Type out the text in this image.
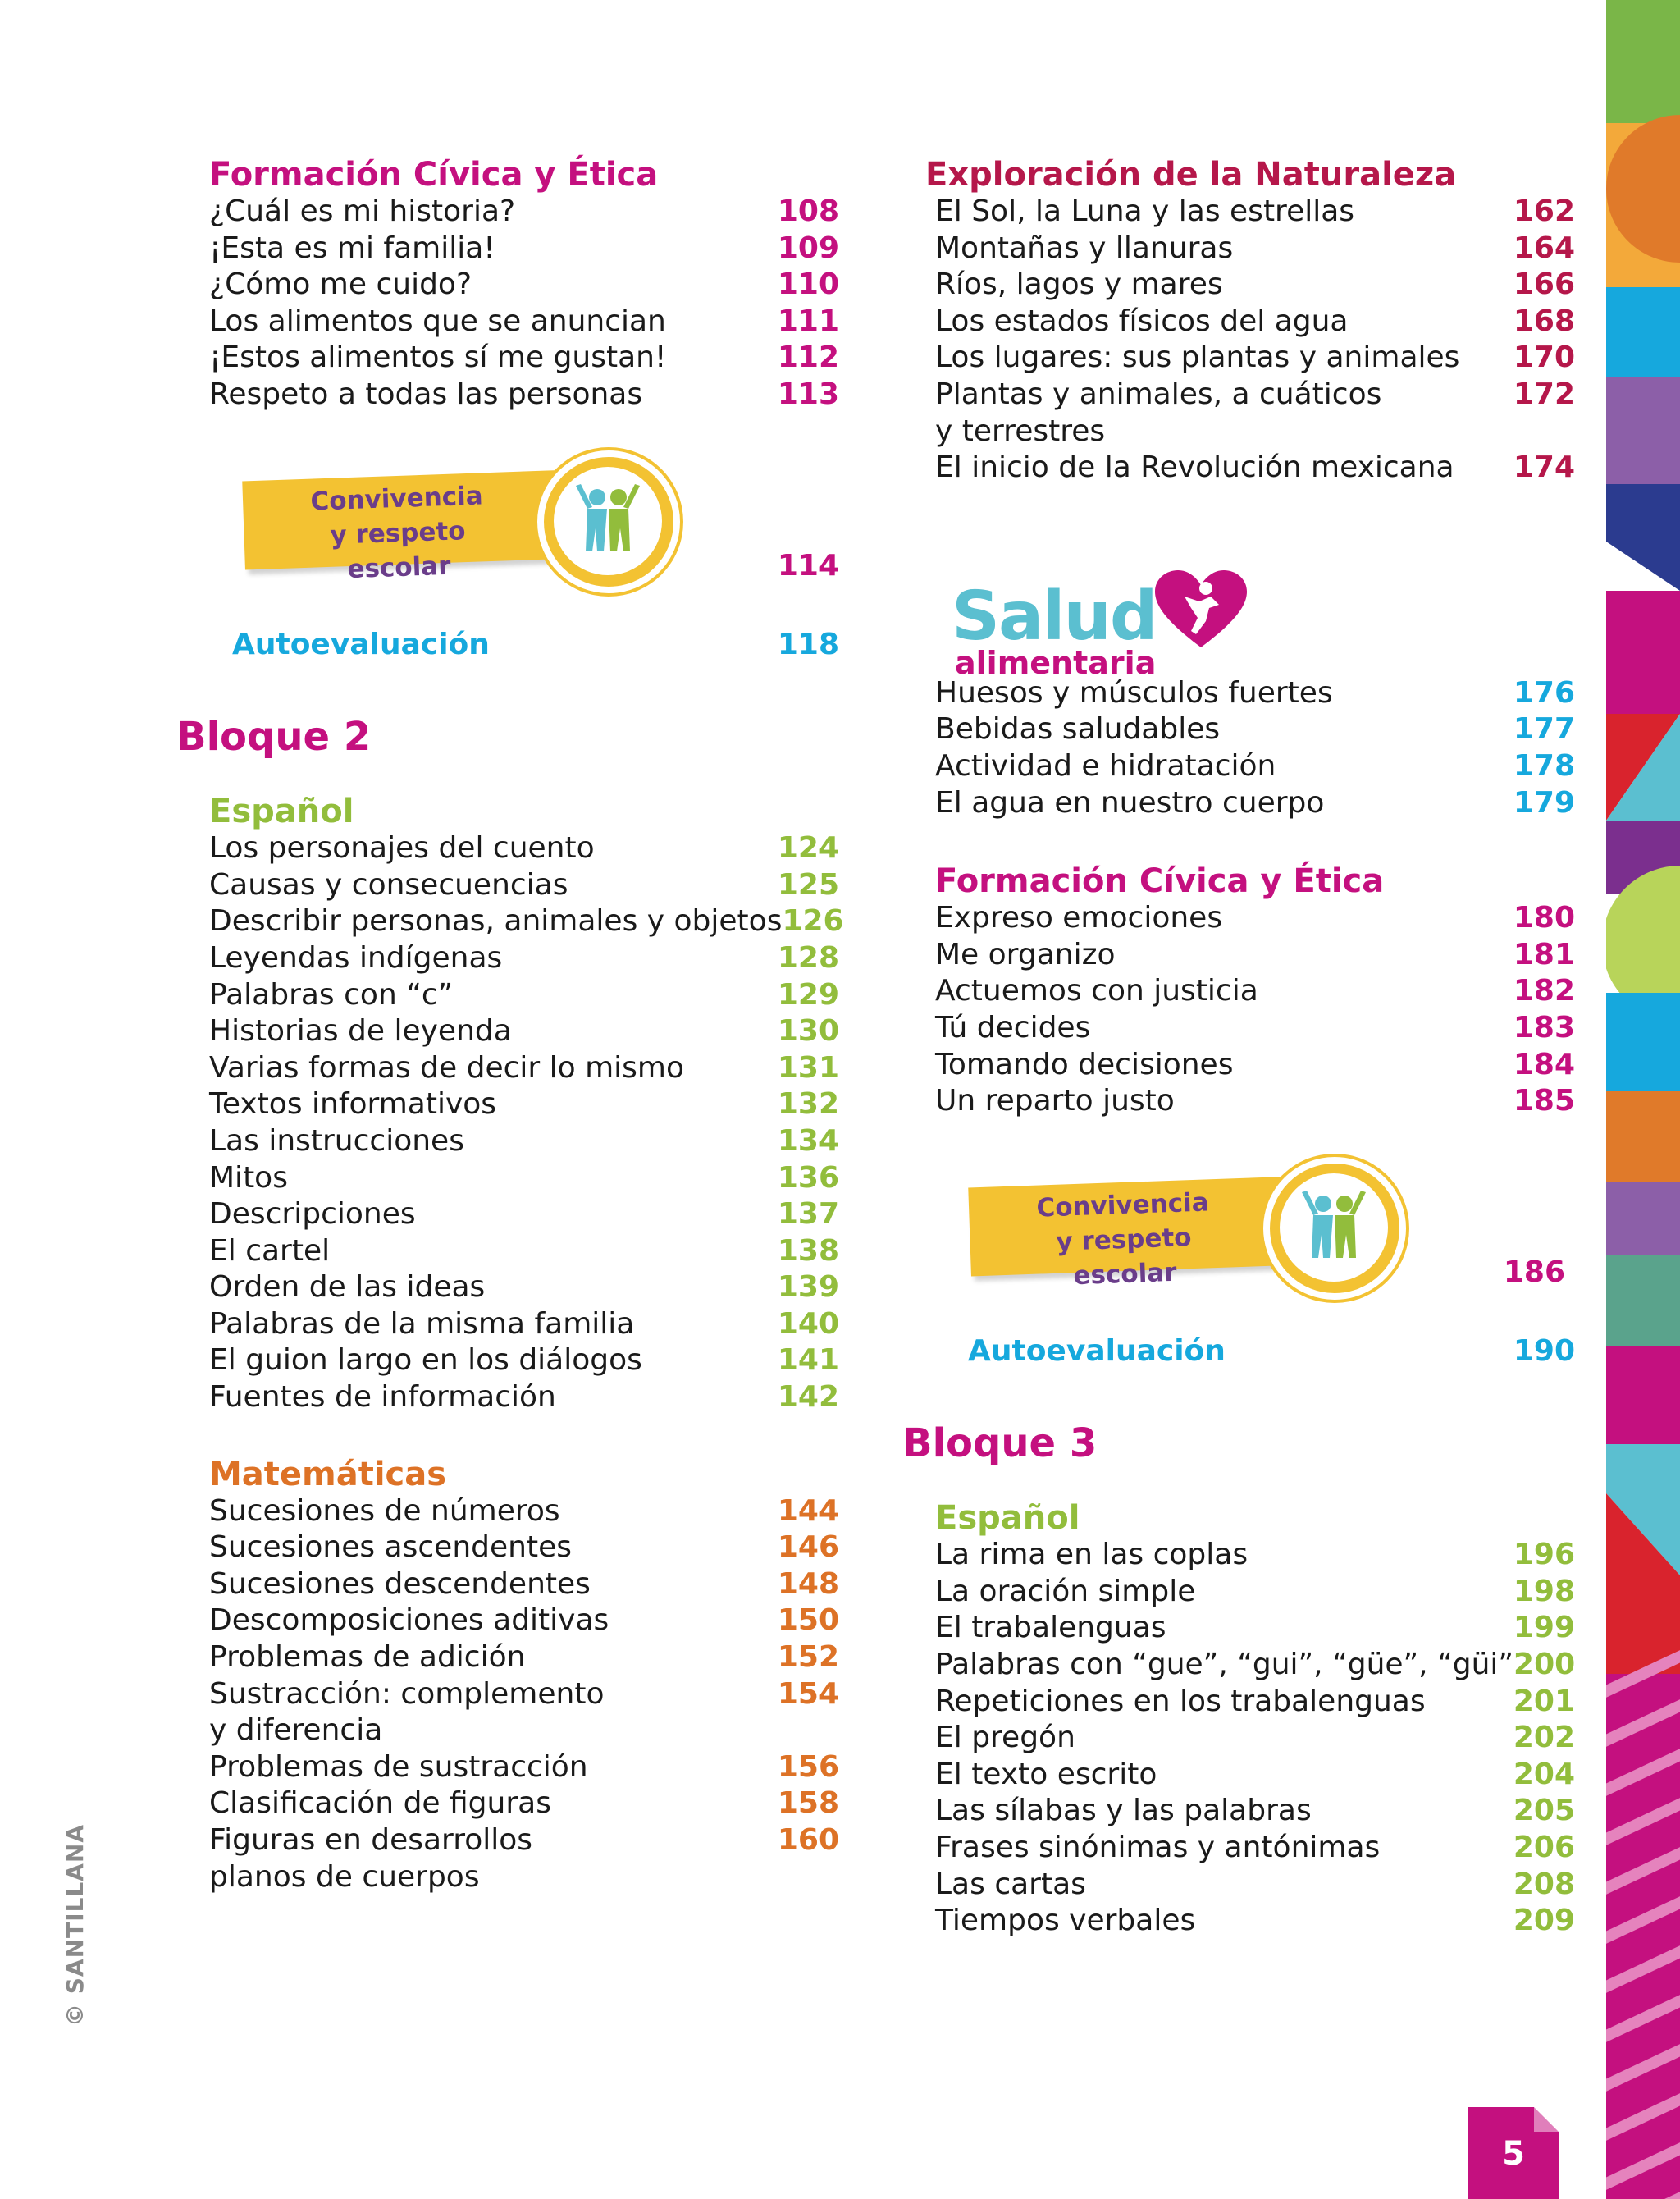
Formación Cívica y Ética
¿Cuál es mi historia?	108
¡Esta es mi familia!	109
¿Cómo me cuido?	110
Los alimentos que se anuncian	111
¡Estos alimentos sí me gustan!	112
Respeto a todas las personas	113
Convivencia
y respeto escolar	114
Autoevaluación	118
Bloque 2
Español
Los personajes del cuento	124
Causas y consecuencias	125
Describir personas, animales y objetos 126
Leyendas indígenas	128
Palabras con “c”	129
Historias de leyenda	130
Varias formas de decir lo mismo	131
Textos informativos	132
Las instrucciones	134
Mitos	136
Descripciones	137
El cartel	138
Orden de las ideas	139
Palabras de la misma familia	140
El guion largo en los diálogos	141
Fuentes de información	142
Matemáticas
Sucesiones de números	144
Sucesiones ascendentes	146
Sucesiones descendentes	148
Descomposiciones aditivas	150
Problemas de adición	152
Sustracción: complemento
y diferencia
154
Problemas de sustracción	156
Clasificación de figuras	158
Figuras en desarrollos
planos de cuerpos
160
Exploración de la Naturaleza
El Sol, la Luna y las estrellas	162
Montañas y llanuras	164
Ríos, lagos y mares	166
Los estados físicos del agua	168
Los lugares: sus plantas y animales	170
Plantas y animales, a cuáticos
y terrestres
172
El inicio de la Revolución mexicana	174
Salud
alimentaria
Huesos y músculos fuertes	176
Bebidas saludables	177
Actividad e hidratación	178
El agua en nuestro cuerpo	179
Formación Cívica y Ética
Expreso emociones	180
Me organizo	181
Actuemos con justicia	182
Tú decides	183
Tomando decisiones	184
Un reparto justo	185
Convivencia
y respeto escolar	186
Autoevaluación	190
Bloque 3
Español
La rima en las coplas	196
La oración simple	198
El trabalenguas	199
Palabras con “gue”, “gui”, “güe”, “güi” 200
Repeticiones en los trabalenguas	201
El pregón	202
El texto escrito	204
Las sílabas y las palabras	205
Frases sinónimas y antónimas	206
Las cartas	208
Tiempos verbales	209
© SANTILLANA
5
